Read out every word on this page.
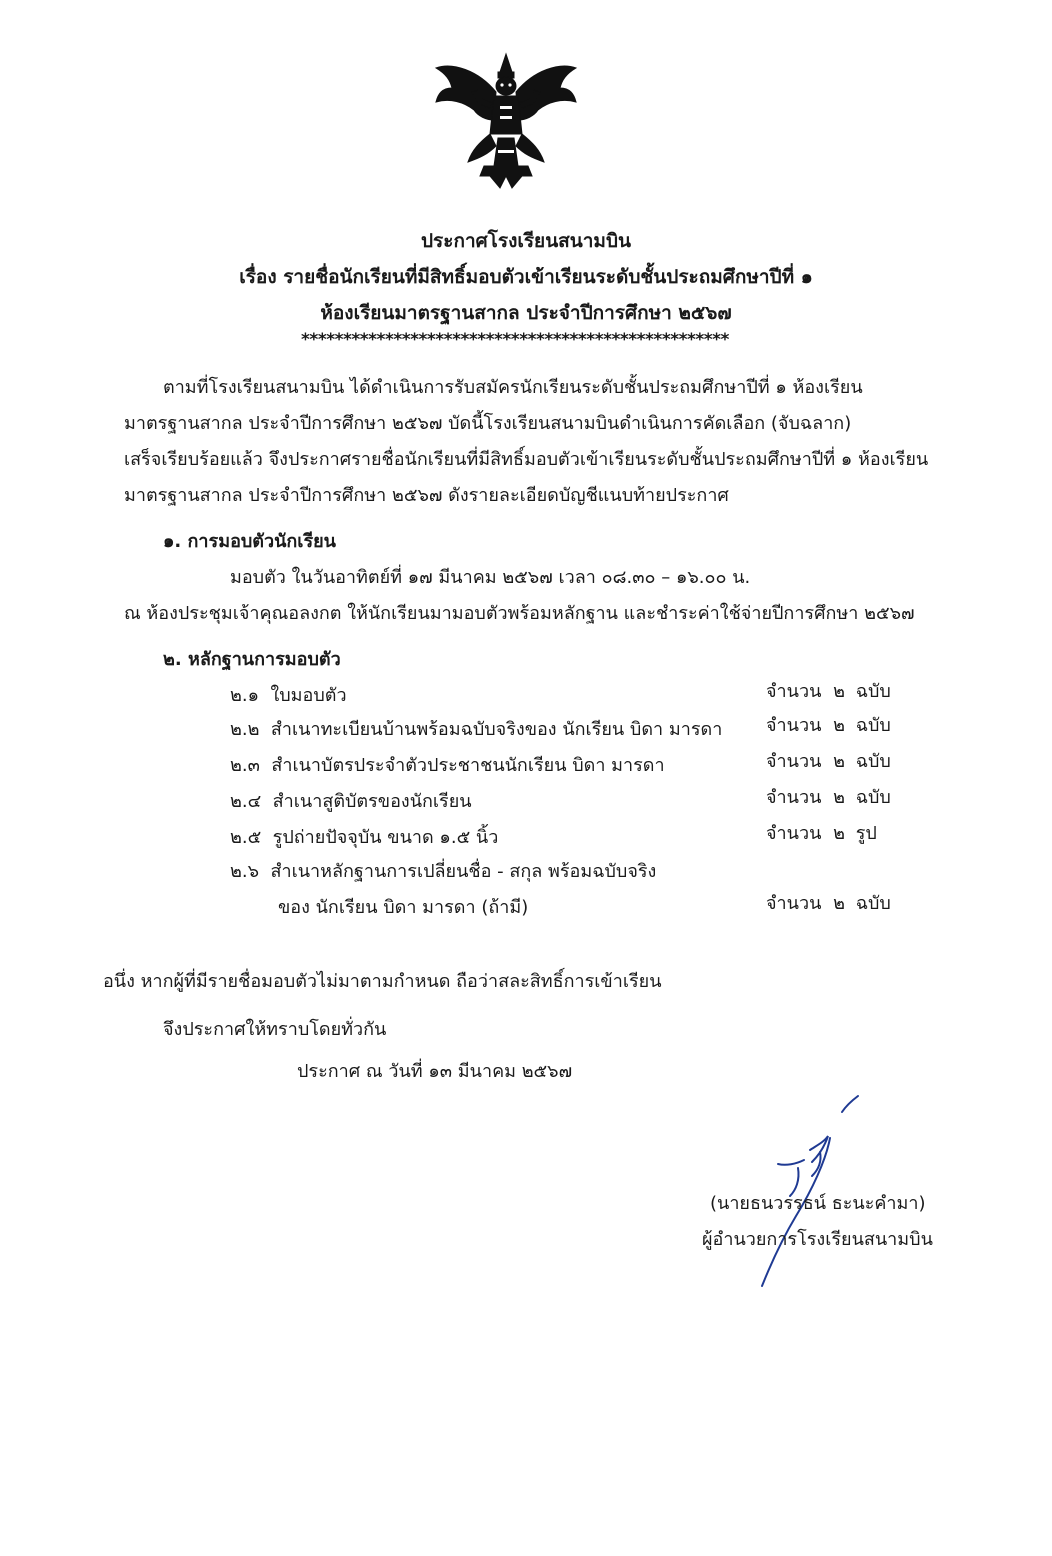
ประกาศโรงเรียนสนามบิน
เรื่อง รายชื่อนักเรียนที่มีสิทธิ์มอบตัวเข้าเรียนระดับชั้นประถมศึกษาปีที่ ๑
ห้องเรียนมาตรฐานสากล ประจำปีการศึกษา ๒๕๖๗
***************************************************
ตามที่โรงเรียนสนามบิน ได้ดำเนินการรับสมัครนักเรียนระดับชั้นประถมศึกษาปีที่ ๑ ห้องเรียน
มาตรฐานสากล ประจำปีการศึกษา ๒๕๖๗ บัดนี้โรงเรียนสนามบินดำเนินการคัดเลือก (จับฉลาก)
เสร็จเรียบร้อยแล้ว จึงประกาศรายชื่อนักเรียนที่มีสิทธิ์มอบตัวเข้าเรียนระดับชั้นประถมศึกษาปีที่ ๑ ห้องเรียน
มาตรฐานสากล ประจำปีการศึกษา ๒๕๖๗ ดังรายละเอียดบัญชีแนบท้ายประกาศ
๑. การมอบตัวนักเรียน
มอบตัว ในวันอาทิตย์ที่ ๑๗ มีนาคม ๒๕๖๗ เวลา ๐๘.๓๐ – ๑๖.๐๐ น.
ณ ห้องประชุมเจ้าคุณอลงกต ให้นักเรียนมามอบตัวพร้อมหลักฐาน และชำระค่าใช้จ่ายปีการศึกษา ๒๕๖๗
๒. หลักฐานการมอบตัว
๒.๑ ใบมอบตัว	จำนวน ๒ ฉบับ
๒.๒ สำเนาทะเบียนบ้านพร้อมฉบับจริงของ นักเรียน บิดา มารดา จำนวน ๒ ฉบับ
๒.๓ สำเนาบัตรประจำตัวประชาชนนักเรียน บิดา มารดา	จำนวน ๒ ฉบับ
๒.๔ สำเนาสูติบัตรของนักเรียน	จำนวน ๒ ฉบับ
๒.๕ รูปถ่ายปัจจุบัน ขนาด ๑.๕ นิ้ว	จำนวน ๒ รูป
๒.๖ สำเนาหลักฐานการเปลี่ยนชื่อ - สกุล พร้อมฉบับจริง
ของ นักเรียน บิดา มารดา (ถ้ามี)	จำนวน ๒ ฉบับ
อนึ่ง หากผู้ที่มีรายชื่อมอบตัวไม่มาตามกำหนด ถือว่าสละสิทธิ์การเข้าเรียน
จึงประกาศให้ทราบโดยทั่วกัน
ประกาศ ณ วันที่ ๑๓ มีนาคม ๒๕๖๗
(นายธนวรรธน์ ธะนะคำมา)
ผู้อำนวยการโรงเรียนสนามบิน
